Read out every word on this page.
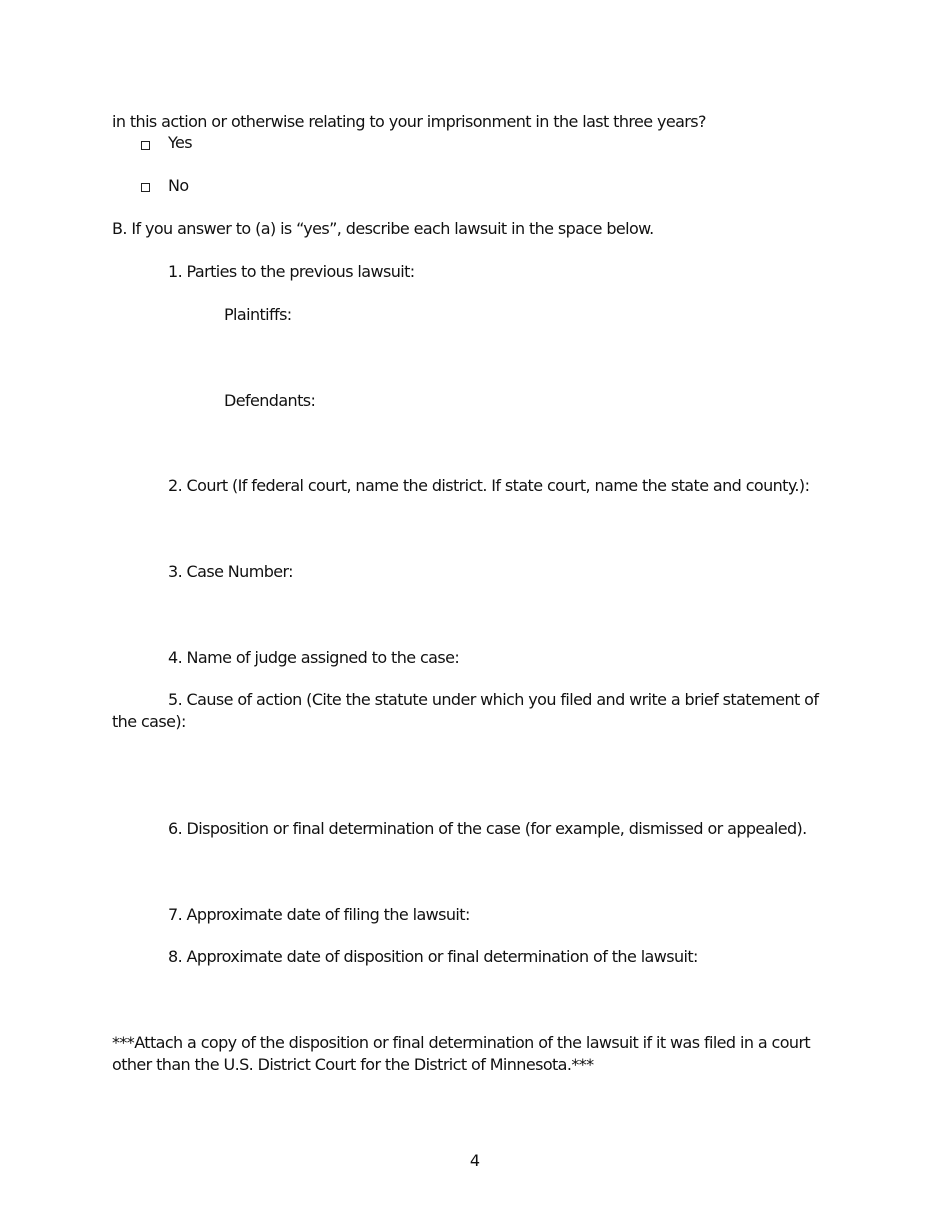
in this action or otherwise relating to your imprisonment in the last three years?
Yes
No
B. If you answer to (a) is “yes”, describe each lawsuit in the space below.
1. Parties to the previous lawsuit:
Plaintiffs:
Defendants:
2. Court (If federal court, name the district. If state court, name the state and county.):
3. Case Number:
4. Name of judge assigned to the case:
5. Cause of action (Cite the statute under which you filed and write a brief statement of
the case):
6. Disposition or final determination of the case (for example, dismissed or appealed).
7. Approximate date of filing the lawsuit:
8. Approximate date of disposition or final determination of the lawsuit:
***Attach a copy of the disposition or final determination of the lawsuit if it was filed in a court
other than the U.S. District Court for the District of Minnesota.***
4
